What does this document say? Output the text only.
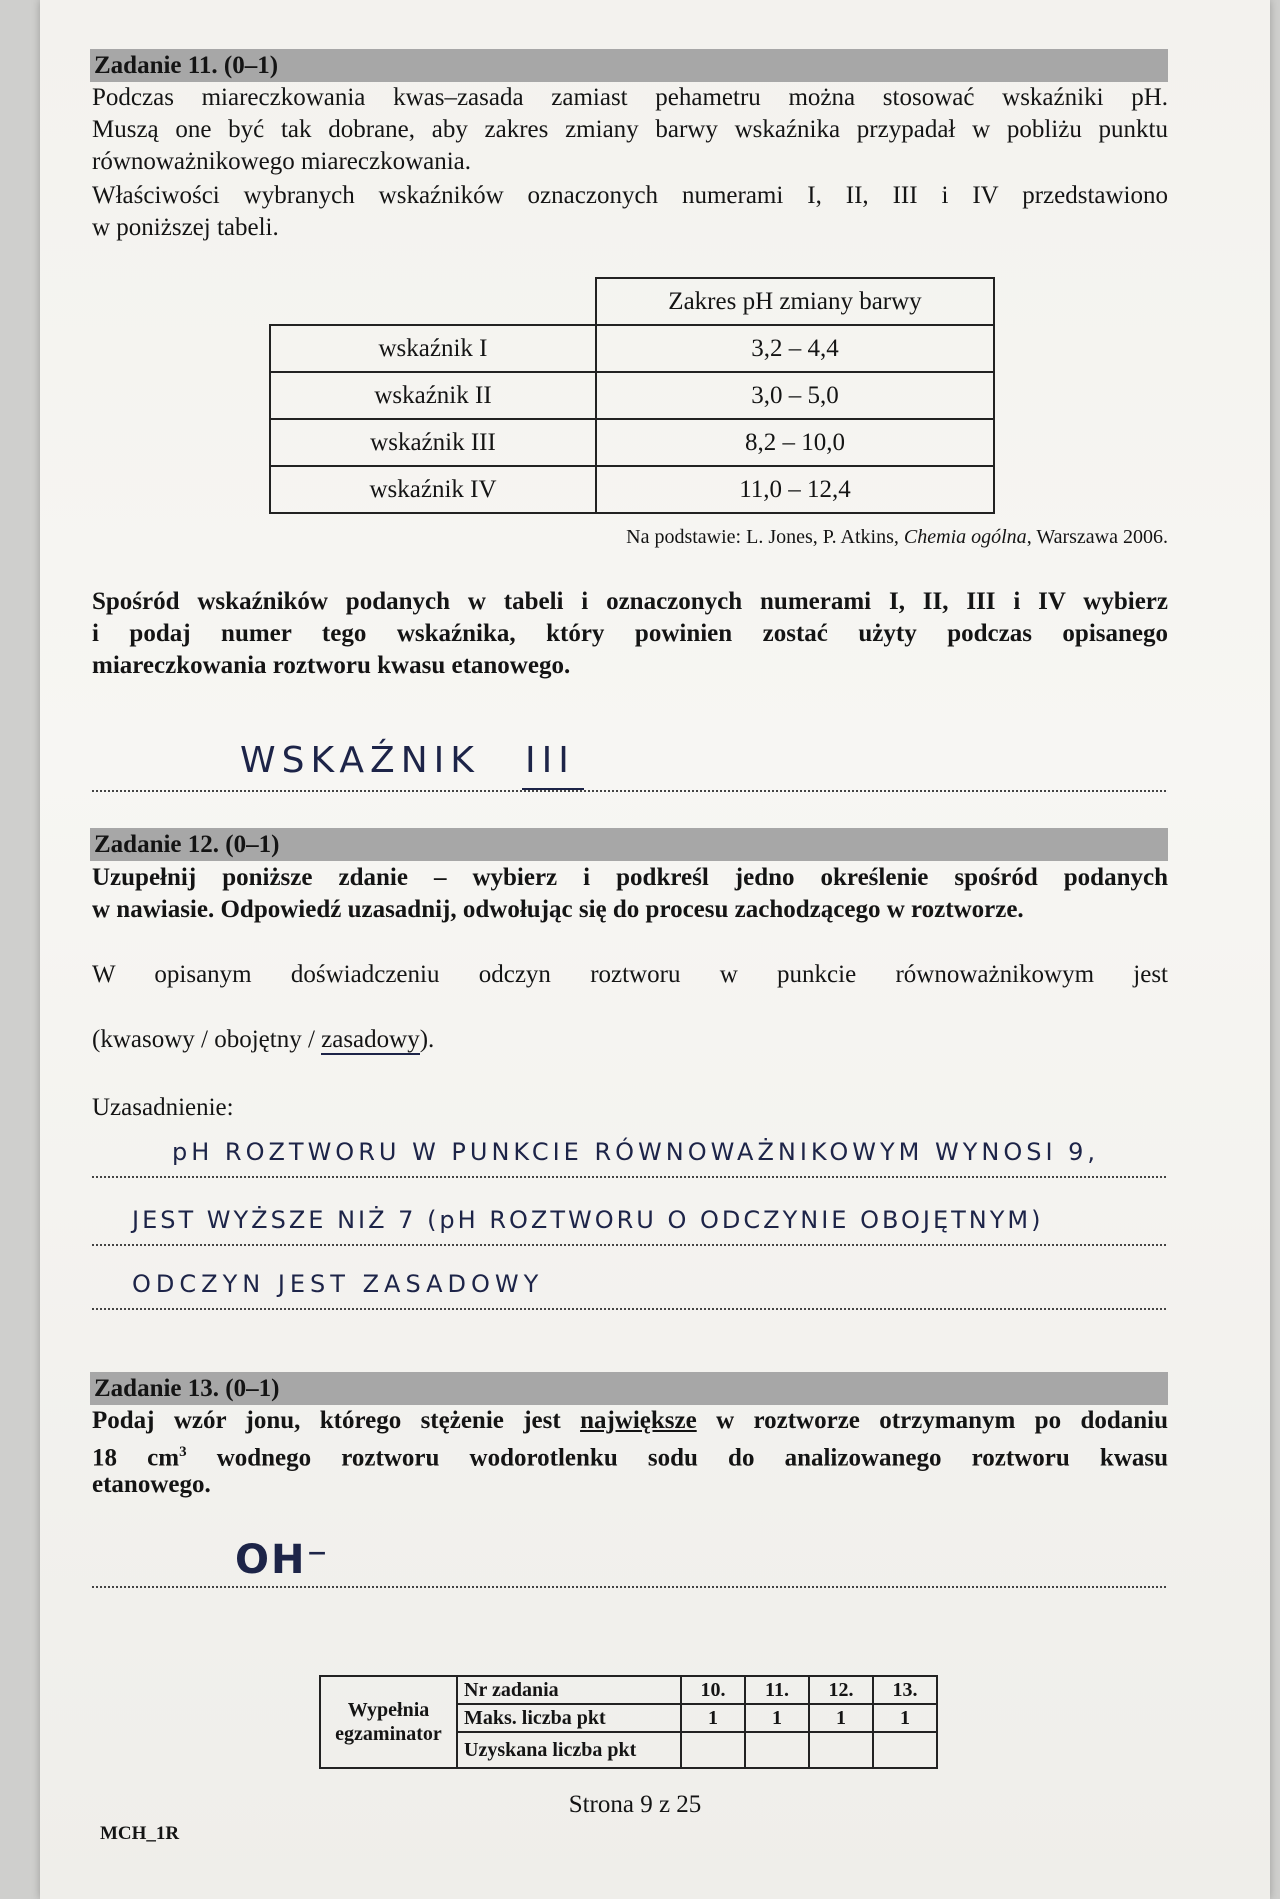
Zadanie 11. (0–1)
Podczas miareczkowania kwas–zasada zamiast pehametru można stosować wskaźniki pH.
Muszą one być tak dobrane, aby zakres zmiany barwy wskaźnika przypadał w pobliżu punktu
równoważnikowego miareczkowania.
Właściwości wybranych wskaźników oznaczonych numerami I, II, III i IV przedstawiono
w poniższej tabeli.
	Zakres pH zmiany barwy
wskaźnik I	3,2 – 4,4
wskaźnik II	3,0 – 5,0
wskaźnik III	8,2 – 10,0
wskaźnik IV	11,0 – 12,4
Na podstawie: L. Jones, P. Atkins, Chemia ogólna, Warszawa 2006.
Spośród wskaźników podanych w tabeli i oznaczonych numerami I, II, III i IV wybierz
i podaj numer tego wskaźnika, który powinien zostać użyty podczas opisanego
miareczkowania roztworu kwasu etanowego.
WSKAŹNIK III
Zadanie 12. (0–1)
Uzupełnij poniższe zdanie – wybierz i podkreśl jedno określenie spośród podanych
w nawiasie. Odpowiedź uzasadnij, odwołując się do procesu zachodzącego w roztworze.
W opisanym doświadczeniu odczyn roztworu w punkcie równoważnikowym jest
(kwasowy / obojętny / zasadowy).
Uzasadnienie:
pH ROZTWORU W PUNKCIE RÓWNOWAŻNIKOWYM WYNOSI 9,
JEST WYŻSZE NIŻ 7 (pH ROZTWORU O ODCZYNIE OBOJĘTNYM)
ODCZYN JEST ZASADOWY
Zadanie 13. (0–1)
Podaj wzór jonu, którego stężenie jest największe w roztworze otrzymanym po dodaniu
18 $cm^3$ wodnego roztworu wodorotlenku sodu do analizowanego roztworu kwasu
etanowego.
OH⁻
Wypełnia
egzaminator	Nr zadania	10.	11.	12.	13.
	Maks. liczba pkt	1	1	1	1
	Uzyskana liczba pkt				
Strona 9 z 25
MCH_1R
